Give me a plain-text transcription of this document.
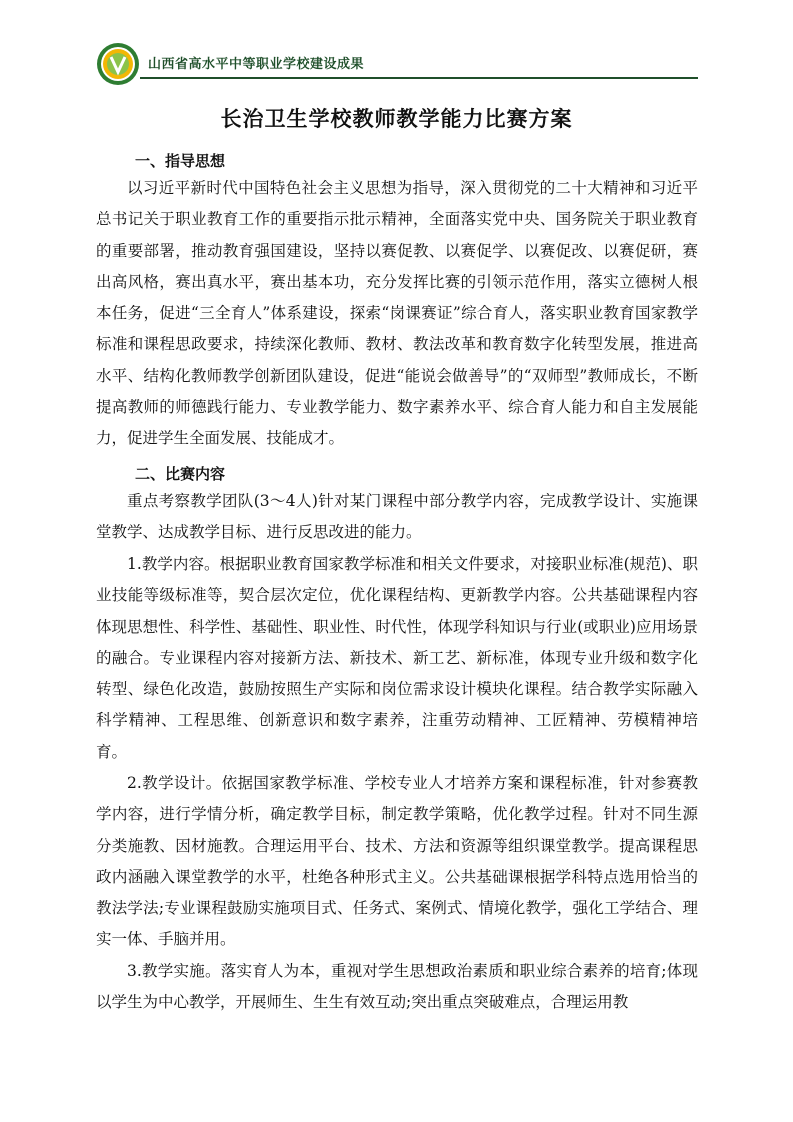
山西省高水平中等职业学校建设成果
长治卫生学校教师教学能力比赛方案
一、指导思想
以习近平新时代中国特色社会主义思想为指导，深入贯彻党的二十大精神和习近平总书记关于职业教育工作的重要指示批示精神，全面落实党中央、国务院关于职业教育的重要部署，推动教育强国建设，坚持以赛促教、以赛促学、以赛促改、以赛促研，赛出高风格，赛出真水平，赛出基本功，充分发挥比赛的引领示范作用，落实立德树人根本任务，促进“三全育人”体系建设，探索“岗课赛证”综合育人，落实职业教育国家教学标准和课程思政要求，持续深化教师、教材、教法改革和教育数字化转型发展，推进高水平、结构化教师教学创新团队建设，促进“能说会做善导”的“双师型”教师成长，不断提高教师的师德践行能力、专业教学能力、数字素养水平、综合育人能力和自主发展能力，促进学生全面发展、技能成才。
二、比赛内容
重点考察教学团队(3～4人)针对某门课程中部分教学内容，完成教学设计、实施课堂教学、达成教学目标、进行反思改进的能力。
1.教学内容。根据职业教育国家教学标准和相关文件要求，对接职业标准(规范)、职业技能等级标准等，契合层次定位，优化课程结构、更新教学内容。公共基础课程内容体现思想性、科学性、基础性、职业性、时代性，体现学科知识与行业(或职业)应用场景的融合。专业课程内容对接新方法、新技术、新工艺、新标准，体现专业升级和数字化转型、绿色化改造，鼓励按照生产实际和岗位需求设计模块化课程。结合教学实际融入科学精神、工程思维、创新意识和数字素养，注重劳动精神、工匠精神、劳模精神培育。
2.教学设计。依据国家教学标准、学校专业人才培养方案和课程标准，针对参赛教学内容，进行学情分析，确定教学目标，制定教学策略，优化教学过程。针对不同生源分类施教、因材施教。合理运用平台、技术、方法和资源等组织课堂教学。提高课程思政内涵融入课堂教学的水平，杜绝各种形式主义。公共基础课根据学科特点选用恰当的教法学法;专业课程鼓励实施项目式、任务式、案例式、情境化教学，强化工学结合、理实一体、手脑并用。
3.教学实施。落实育人为本，重视对学生思想政治素质和职业综合素养的培育;体现以学生为中心教学，开展师生、生生有效互动;突出重点突破难点，合理运用教
